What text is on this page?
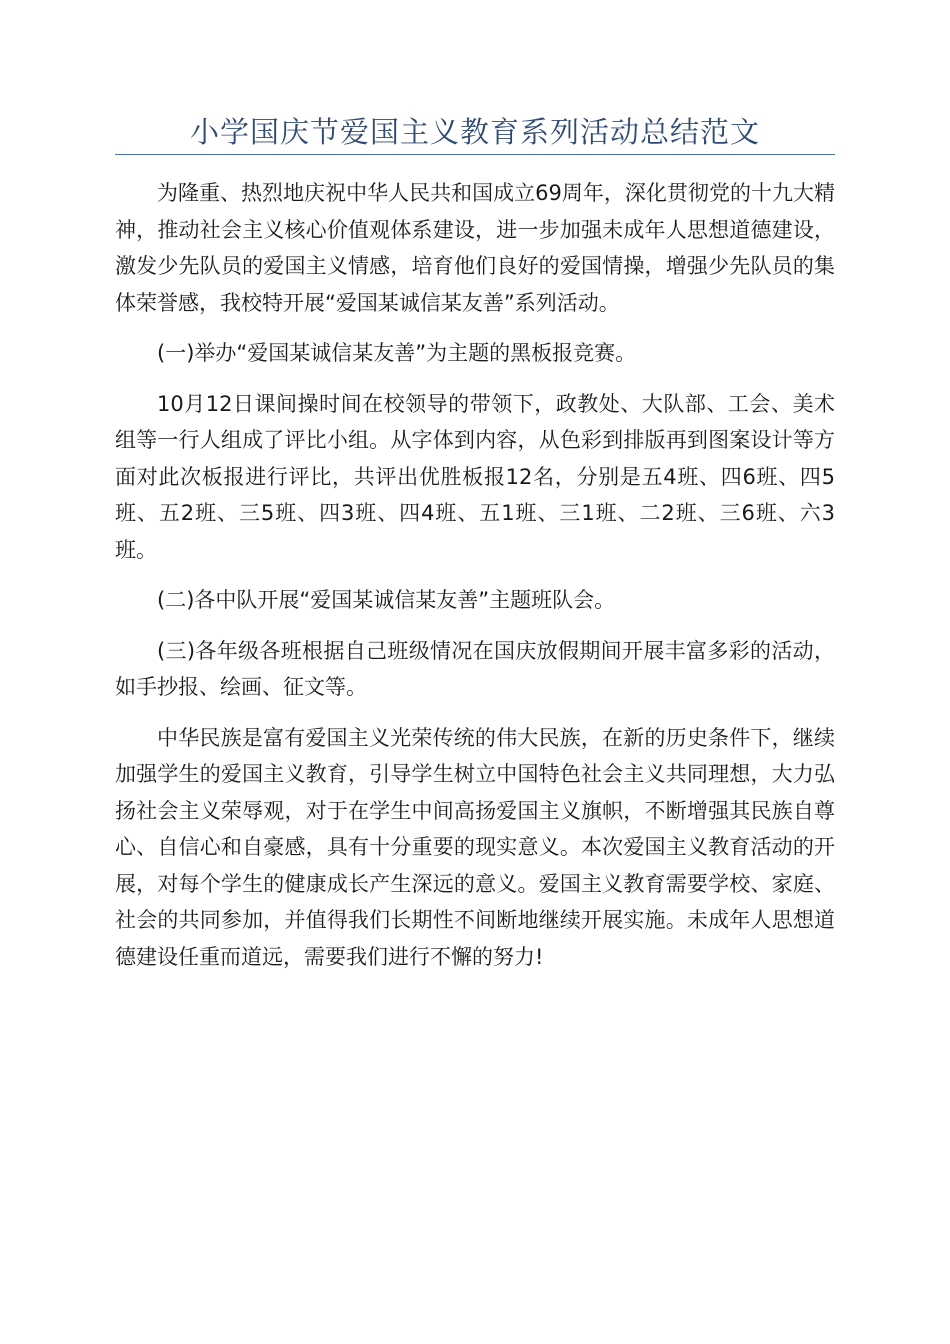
小学国庆节爱国主义教育系列活动总结范文

为隆重、热烈地庆祝中华人民共和国成立69周年，深化贯彻党的十九大精神，推动社会主义核心价值观体系建设，进一步加强未成年人思想道德建设，激发少先队员的爱国主义情感，培育他们良好的爱国情操，增强少先队员的集体荣誉感，我校特开展“爱国某诚信某友善”系列活动。

(一)举办“爱国某诚信某友善”为主题的黑板报竞赛。

10月12日课间操时间在校领导的带领下，政教处、大队部、工会、美术组等一行人组成了评比小组。从字体到内容，从色彩到排版再到图案设计等方面对此次板报进行评比，共评出优胜板报12名，分别是五4班、四6班、四5班、五2班、三5班、四3班、四4班、五1班、三1班、二2班、三6班、六3班。

(二)各中队开展“爱国某诚信某友善”主题班队会。

(三)各年级各班根据自己班级情况在国庆放假期间开展丰富多彩的活动，如手抄报、绘画、征文等。

中华民族是富有爱国主义光荣传统的伟大民族，在新的历史条件下，继续加强学生的爱国主义教育，引导学生树立中国特色社会主义共同理想，大力弘扬社会主义荣辱观，对于在学生中间高扬爱国主义旗帜，不断增强其民族自尊心、自信心和自豪感，具有十分重要的现实意义。本次爱国主义教育活动的开展，对每个学生的健康成长产生深远的意义。爱国主义教育需要学校、家庭、社会的共同参加，并值得我们长期性不间断地继续开展实施。未成年人思想道德建设任重而道远，需要我们进行不懈的努力!
